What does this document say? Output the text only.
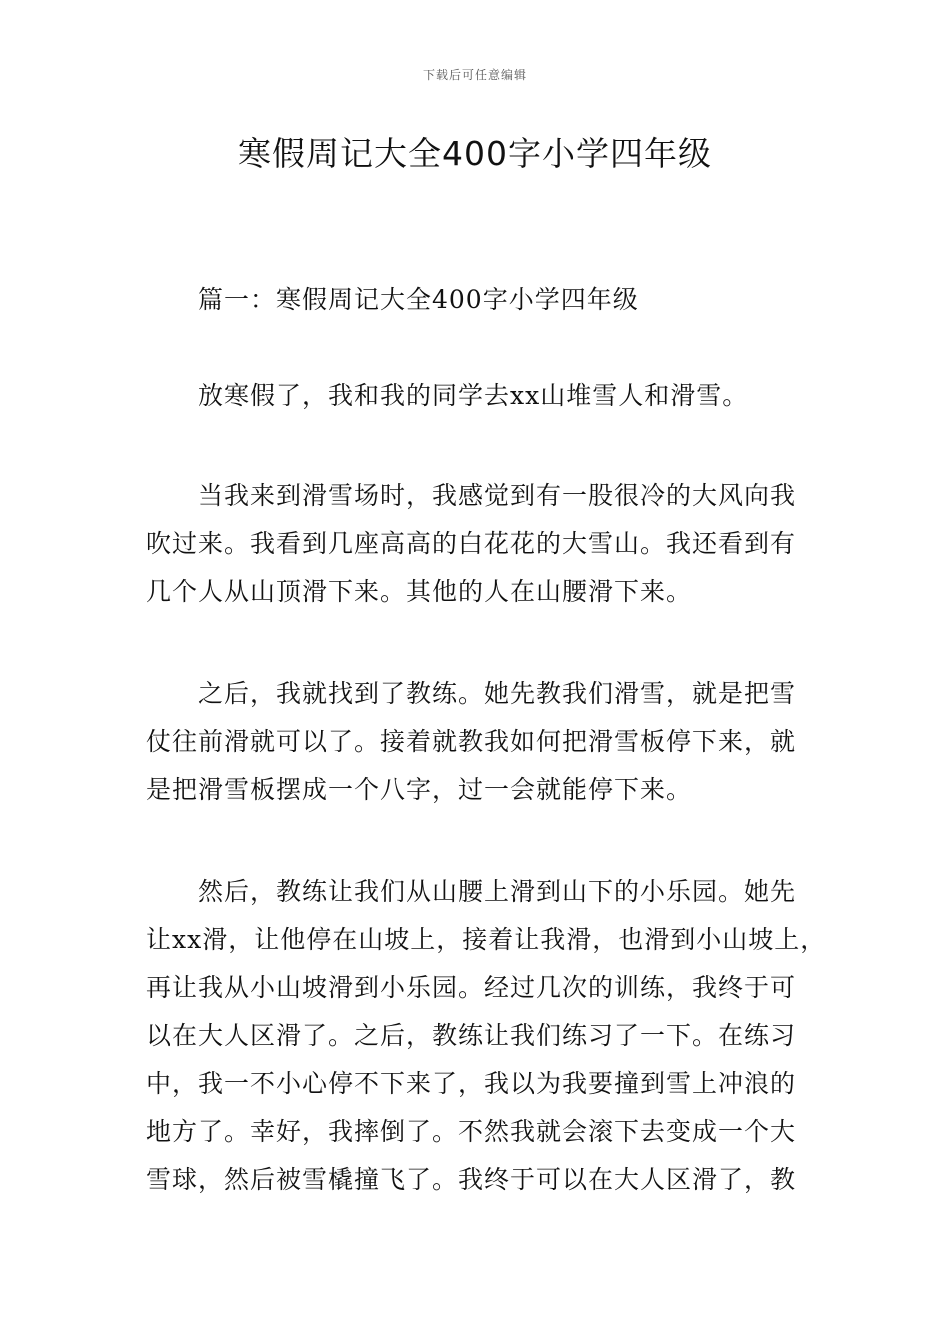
下载后可任意编辑
寒假周记大全400字小学四年级
篇一：寒假周记大全400字小学四年级
放寒假了，我和我的同学去xx山堆雪人和滑雪。
当我来到滑雪场时，我感觉到有一股很冷的大风向我
吹过来。我看到几座高高的白花花的大雪山。我还看到有
几个人从山顶滑下来。其他的人在山腰滑下来。
之后，我就找到了教练。她先教我们滑雪，就是把雪
仗往前滑就可以了。接着就教我如何把滑雪板停下来，就
是把滑雪板摆成一个八字，过一会就能停下来。
然后，教练让我们从山腰上滑到山下的小乐园。她先
让xx滑，让他停在山坡上，接着让我滑，也滑到小山坡上，
再让我从小山坡滑到小乐园。经过几次的训练，我终于可
以在大人区滑了。之后，教练让我们练习了一下。在练习
中，我一不小心停不下来了，我以为我要撞到雪上冲浪的
地方了。幸好，我摔倒了。不然我就会滚下去变成一个大
雪球，然后被雪橇撞飞了。我终于可以在大人区滑了，教
